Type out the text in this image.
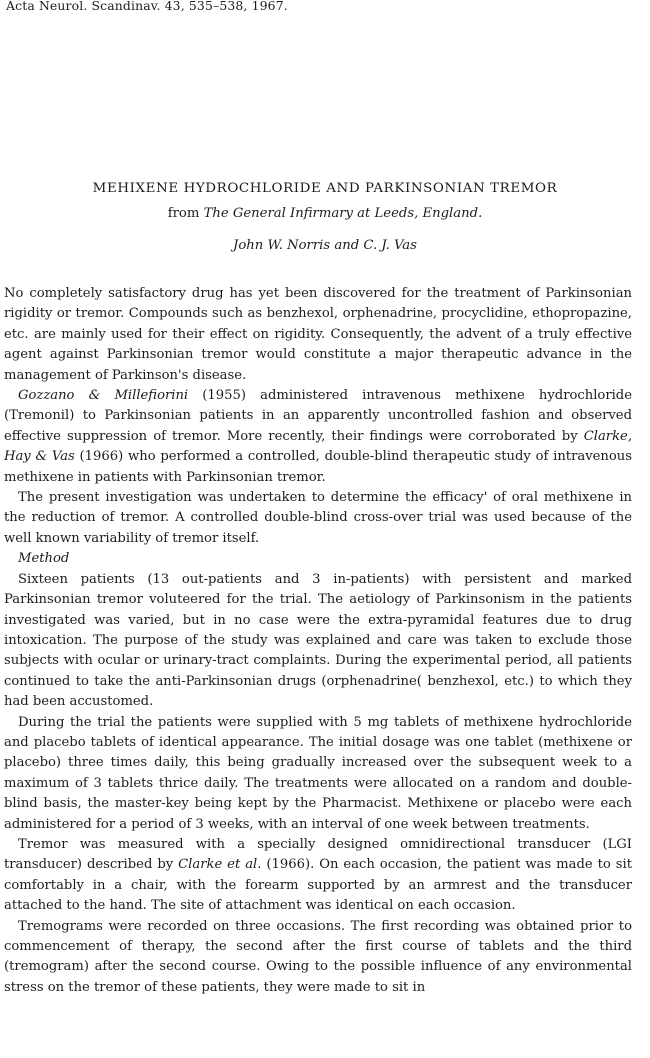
Acta Neurol. Scandinav. 43, 535–538, 1967.
MEHIXENE HYDROCHLORIDE AND PARKINSONIAN TREMOR
from The General Infirmary at Leeds, England.
John W. Norris and C. J. Vas

No completely satisfactory drug has yet been discovered for the treatment of Parkinsonian rigidity or tremor. Compounds such as benzhexol, orphenadrine, procyclidine, ethopropazine, etc. are mainly used for their effect on rigidity. Consequently, the advent of a truly effective agent against Parkinsonian tremor would constitute a major therapeutic advance in the management of Parkinson's disease.

Gozzano & Millefiorini (1955) administered intravenous methixene hydrochloride (Tremonil) to Parkinsonian patients in an apparently uncontrolled fashion and observed effective suppression of tremor. More recently, their findings were corroborated by Clarke, Hay & Vas (1966) who performed a controlled, double-blind therapeutic study of intravenous methixene in patients with Parkinsonian tremor.

The present investigation was undertaken to determine the efficacy' of oral methixene in the reduction of tremor. A controlled double-blind cross-over trial was used because of the well known variability of tremor itself.

Method

Sixteen patients (13 out-patients and 3 in-patients) with persistent and marked Parkinsonian tremor voluteered for the trial. The aetiology of Parkinsonism in the patients investigated was varied, but in no case were the extra-pyramidal features due to drug intoxication. The purpose of the study was explained and care was taken to exclude those subjects with ocular or urinary-tract complaints. During the experimental period, all patients continued to take the anti-Parkinsonian drugs (orphenadrine( benzhexol, etc.) to which they had been accustomed.

During the trial the patients were supplied with 5 mg tablets of methixene hydrochloride and placebo tablets of identical appearance. The initial dosage was one tablet (methixene or placebo) three times daily, this being gradually increased over the subsequent week to a maximum of 3 tablets thrice daily. The treatments were allocated on a random and double-blind basis, the master-key being kept by the Pharmacist. Methixene or placebo were each administered for a period of 3 weeks, with an interval of one week between treatments.

Tremor was measured with a specially designed omnidirectional transducer (LGI transducer) described by Clarke et al. (1966). On each occasion, the patient was made to sit comfortably in a chair, with the forearm supported by an armrest and the transducer attached to the hand. The site of attachment was identical on each occasion.

Tremograms were recorded on three occasions. The first recording was obtained prior to commencement of therapy, the second after the first course of tablets and the third (tremogram) after the second course. Owing to the possible influence of any environmental stress on the tremor of these patients, they were made to sit in
